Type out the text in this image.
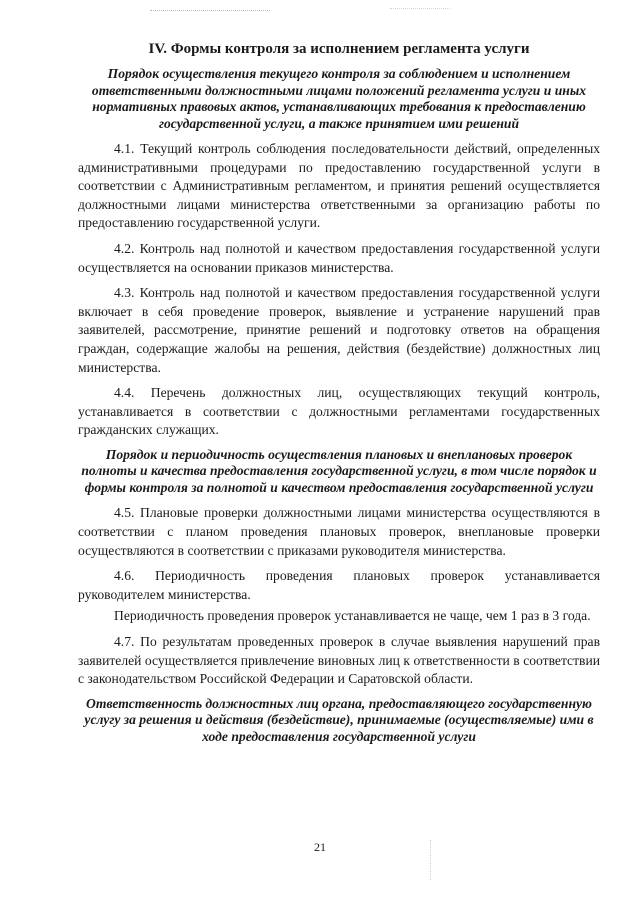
IV. Формы контроля за исполнением регламента услуги
Порядок осуществления текущего контроля за соблюдением и исполнением ответственными должностными лицами положений регламента услуги и иных нормативных правовых актов, устанавливающих требования к предоставлению государственной услуги, а также принятием ими решений

4.1. Текущий контроль соблюдения последовательности действий, определенных административными процедурами по предоставлению государственной услуги в соответствии с Административным регламентом, и принятия решений осуществляется должностными лицами министерства ответственными за организацию работы по предоставлению государственной услуги.

4.2. Контроль над полнотой и качеством предоставления государственной услуги осуществляется на основании приказов министерства.

4.3. Контроль над полнотой и качеством предоставления государственной услуги включает в себя проведение проверок, выявление и устранение нарушений прав заявителей, рассмотрение, принятие решений и подготовку ответов на обращения граждан, содержащие жалобы на решения, действия (бездействие) должностных лиц министерства.

4.4. Перечень должностных лиц, осуществляющих текущий контроль, устанавливается в соответствии с должностными регламентами государственных гражданских служащих.

Порядок и периодичность осуществления плановых и внеплановых проверок полноты и качества предоставления государственной услуги, в том числе порядок и формы контроля за полнотой и качеством предоставления государственной услуги

4.5. Плановые проверки должностными лицами министерства осуществляются в соответствии с планом проведения плановых проверок, внеплановые проверки осуществляются в соответствии с приказами руководителя министерства.

4.6. Периодичность проведения плановых проверок устанавливается руководителем министерства.

Периодичность проведения проверок устанавливается не чаще, чем 1 раз в 3 года.

4.7. По результатам проведенных проверок в случае выявления нарушений прав заявителей осуществляется привлечение виновных лиц к ответственности в соответствии с законодательством Российской Федерации и Саратовской области.

Ответственность должностных лиц органа, предоставляющего государственную услугу за решения и действия (бездействие), принимаемые (осуществляемые) ими в ходе предоставления государственной услуги
21
